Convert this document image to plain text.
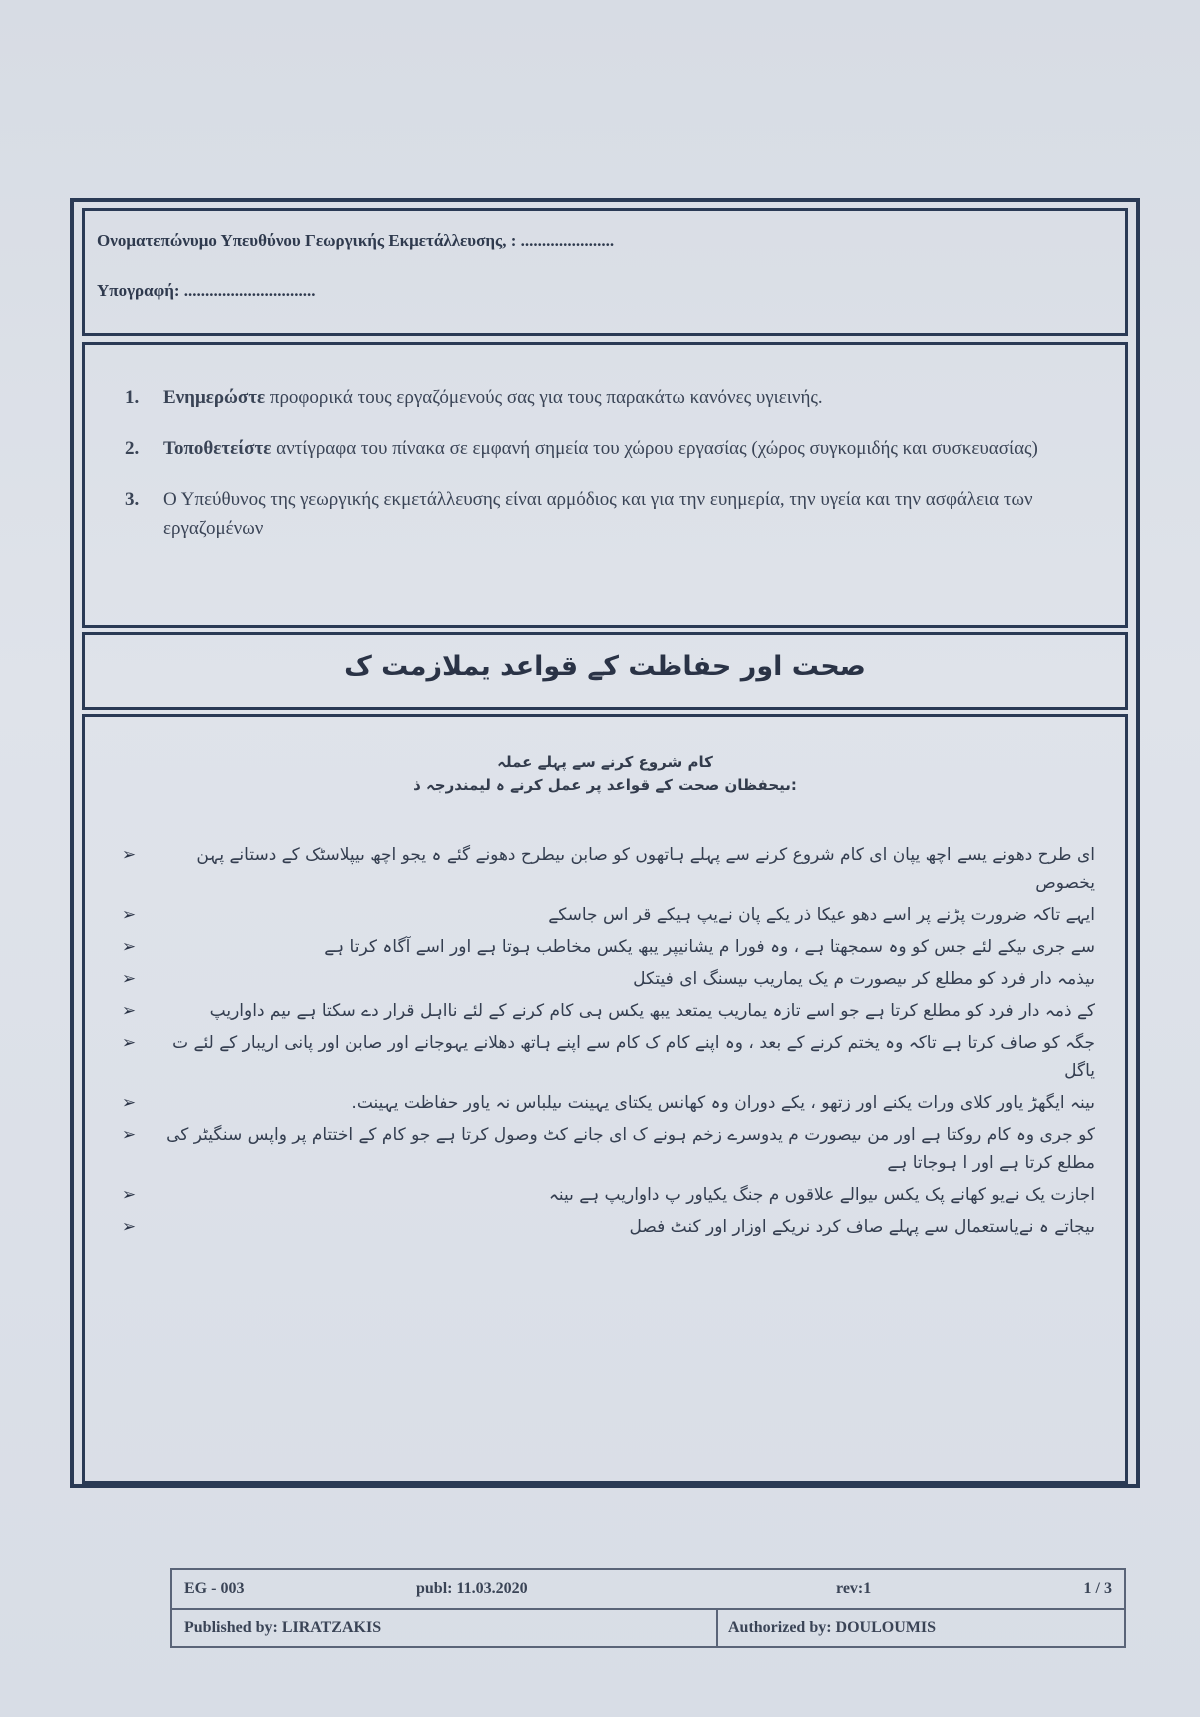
Ονοματεπώνυμο Υπευθύνου Γεωργικής Εκμετάλλευσης, : ......................
Υπογραφή: ...............................
1.	Ενημερώστε προφορικά τους εργαζόμενούς σας για τους παρακάτω κανόνες υγιεινής.
2.	Τοποθετείστε αντίγραφα του πίνακα σε εμφανή σημεία του χώρου εργασίας (χώρος συγκομιδής και συσκευασίας)
3.	Ο Υπεύθυνος της γεωργικής εκμετάλλευσης είναι αρμόδιος και για την ευημερία, την υγεία και την ασφάλεια των εργαζομένων
صحت اور حفاظت کے قواعد یملازمت ک
کام شروع کرنے سے پہلے عملہ
:ںیحفظان صحت کے قواعد پر عمل کرنے ہ لیمندرجہ ذ
ای طرح دھونے یسے اچھ یپان ای کام شروع کرنے سے پہلے ہاتھوں کو صابن ںیطرح دھونے گئے ہ یجو اچھ ںیپلاسٹک کے دستانے پہن یخصوص
➢
ایہے تاکہ ضرورت پڑنے پر اسے دھو عیکا ذر یکے پان نےیپ ہیکے قر اس جاسکے
➢
سے جری ںیکے لئے جس کو وہ سمجھتا ہے ، وہ فورا م یشانیپر یبھ یکس مخاطب ہوتا ہے اور اسے آگاہ کرتا ہے
➢
ںیذمہ دار فرد کو مطلع کر ںیصورت م یک یماریب ںیسنگ ای فیتکل
➢
کے ذمہ دار فرد کو مطلع کرتا ہے جو اسے تازہ یماریب یمتعد یبھ یکس ہی کام کرنے کے لئے نااہل قرار دے سکتا ہے ںیم داواریپ
➢
جگہ کو صاف کرتا ہے تاکہ وہ یختم کرنے کے بعد ، وہ اپنے کام ک کام سے اپنے ہاتھ دھلانے یہوجانے اور صابن اور پانی اریبار کے لئے ت یاگل
➢
ںینہ ایگھڑ یاور کلای ورات یکنے اور زتھو ، یکے دوران وہ کھانس یکتای یہینت ںیلباس نہ یاور حفاظت یہینت.
➢
کو جری وہ کام روکتا ہے اور من ںیصورت م یدوسرے زخم ہونے ک ای جانے کٹ وصول کرتا ہے جو کام کے اختتام پر واپس سنگیٹر کی مطلع کرتا ہے اور ا ہوجاتا ہے
➢
اجازت یک نےیو کھانے پک یکس ںیوالے علاقوں م جنگ یکیاور پ داواریپ ہے ںینہ
➢
ںیجاتے ہ نےیاستعمال سے پہلے صاف کرد نریکے اوزار اور کنٹ فصل
➢
EG - 003	publ: 11.03.2020	rev:1	1 / 3
Published by: LIRATZAKIS	Authorized by: DOULOUMIS
